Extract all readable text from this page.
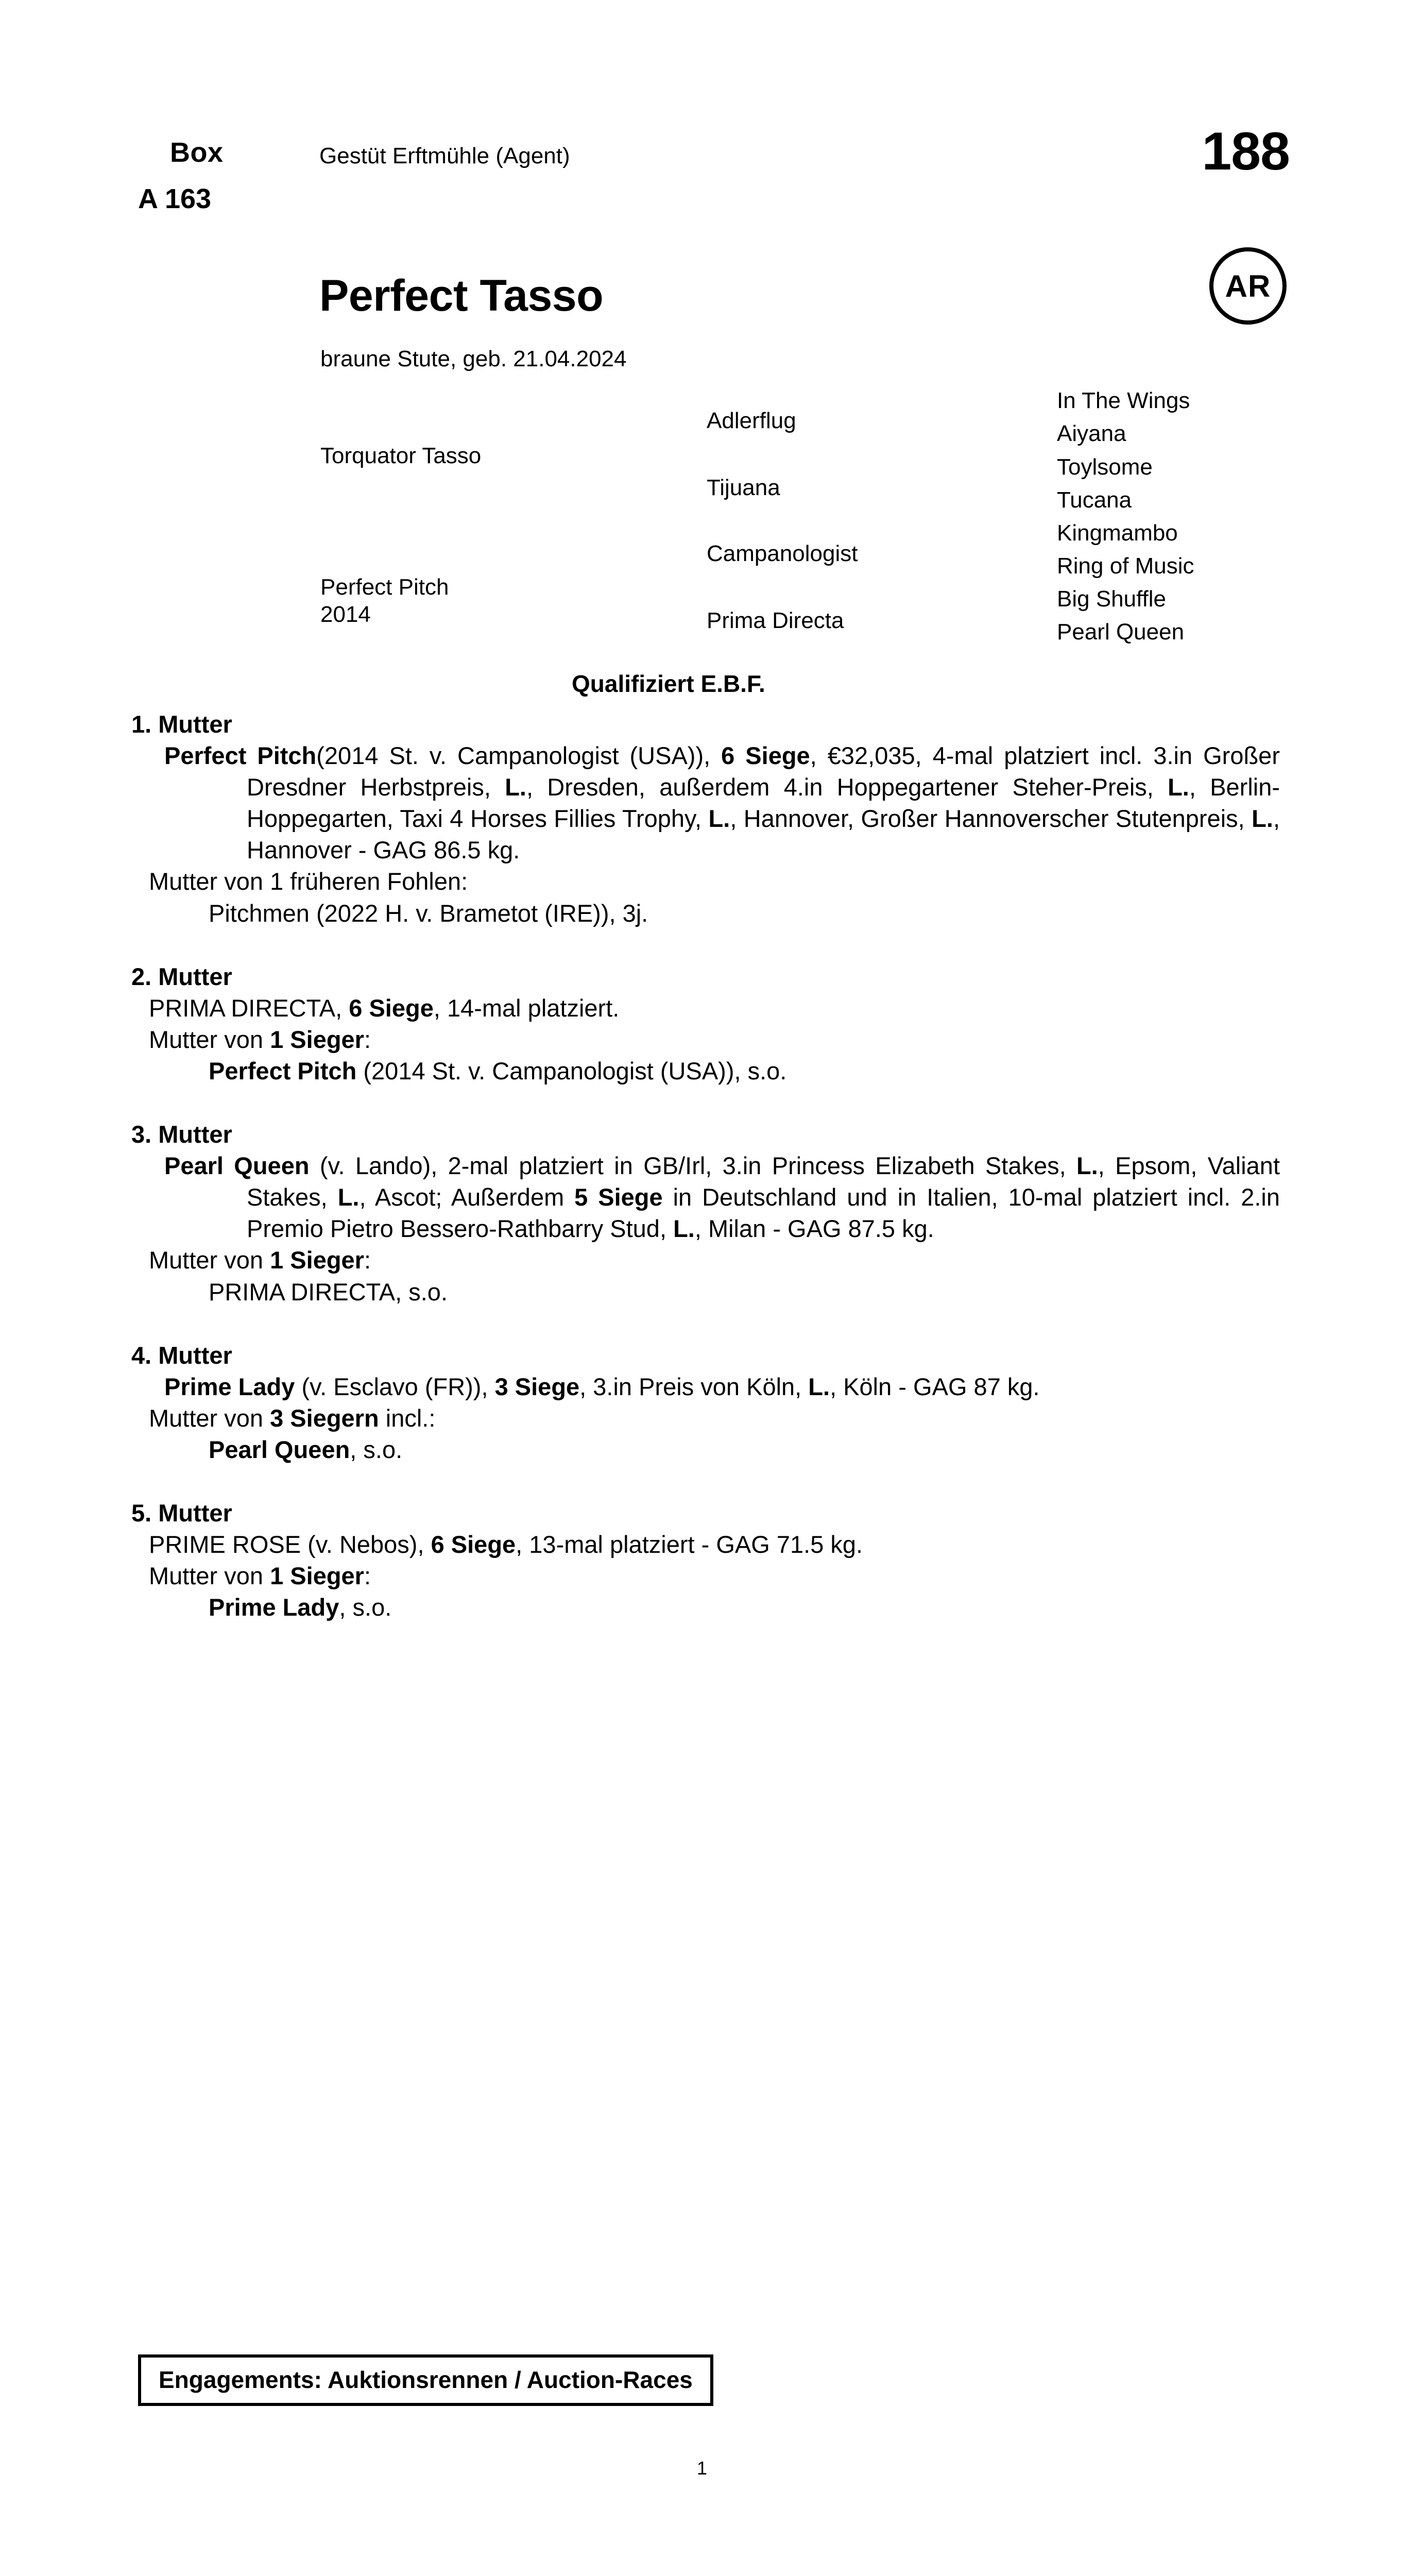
Box
A 163
Gestüt Erftmühle (Agent)	188
AR
Perfect Tasso
braune Stute, geb. 21.04.2024
Torquator Tasso
Perfect Pitch
2014
Adlerflug
Tijuana
Campanologist
Prima Directa
In The Wings
Aiyana
Toylsome
Tucana
Kingmambo
Ring of Music
Big Shuffle
Pearl Queen
Qualifiziert E.B.F.
1. Mutter
Perfect Pitch(2014 St. v. Campanologist (USA)), 6 Siege, €32,035, 4-mal platziert incl. 3.in Großer Dresdner Herbstpreis, L., Dresden, außerdem 4.in Hoppegartener Steher-Preis, L., Berlin-Hoppegarten, Taxi 4 Horses Fillies Trophy, L., Hannover, Großer Hannoverscher Stutenpreis, L., Hannover - GAG 86.5 kg.
Mutter von 1 früheren Fohlen:
Pitchmen (2022 H. v. Brametot (IRE)), 3j.
2. Mutter
PRIMA DIRECTA, 6 Siege, 14-mal platziert.
Mutter von 1 Sieger:
Perfect Pitch (2014 St. v. Campanologist (USA)), s.o.
3. Mutter
Pearl Queen (v. Lando), 2-mal platziert in GB/Irl, 3.in Princess Elizabeth Stakes, L., Epsom, Valiant Stakes, L., Ascot; Außerdem 5 Siege in Deutschland und in Italien, 10-mal platziert incl. 2.in Premio Pietro Bessero-Rathbarry Stud, L., Milan - GAG 87.5 kg.
Mutter von 1 Sieger:
PRIMA DIRECTA, s.o.
4. Mutter
Prime Lady (v. Esclavo (FR)), 3 Siege, 3.in Preis von Köln, L., Köln - GAG 87 kg.
Mutter von 3 Siegern incl.:
Pearl Queen, s.o.
5. Mutter
PRIME ROSE (v. Nebos), 6 Siege, 13-mal platziert - GAG 71.5 kg.
Mutter von 1 Sieger:
Prime Lady, s.o.
Engagements: Auktionsrennen / Auction-Races
1
